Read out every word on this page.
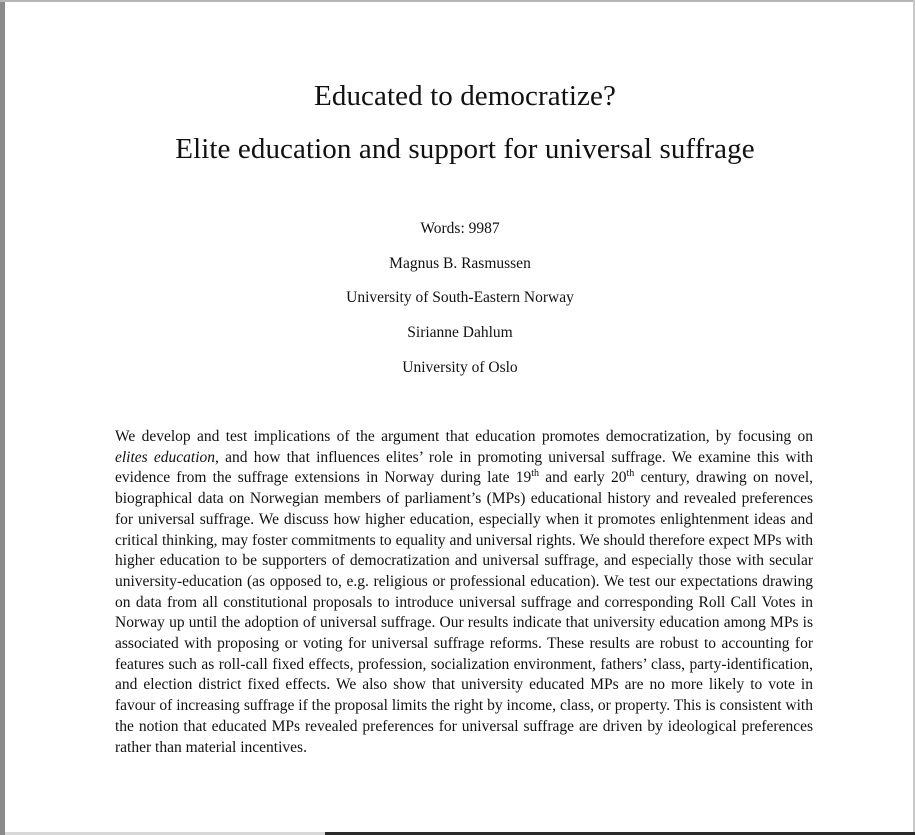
Educated to democratize?
Elite education and support for universal suffrage

Words: 9987

Magnus B. Rasmussen

University of South-Eastern Norway

Sirianne Dahlum

University of Oslo

We develop and test implications of the argument that education promotes democratization, by focusing on elites education, and how that influences elites’ role in promoting universal suffrage. We examine this with evidence from the suffrage extensions in Norway during late 19th and early 20th century, drawing on novel, biographical data on Norwegian members of parliament’s (MPs) educational history and revealed preferences for universal suffrage. We discuss how higher education, especially when it promotes enlightenment ideas and critical thinking, may foster commitments to equality and universal rights. We should therefore expect MPs with higher education to be supporters of democratization and universal suffrage, and especially those with secular university-education (as opposed to, e.g. religious or professional education). We test our expectations drawing on data from all constitutional proposals to introduce universal suffrage and corresponding Roll Call Votes in Norway up until the adoption of universal suffrage. Our results indicate that university education among MPs is associated with proposing or voting for universal suffrage reforms. These results are robust to accounting for features such as roll-call fixed effects, profession, socialization environment, fathers’ class, party-identification, and election district fixed effects. We also show that university educated MPs are no more likely to vote in favour of increasing suffrage if the proposal limits the right by income, class, or property. This is consistent with the notion that educated MPs revealed preferences for universal suffrage are driven by ideological preferences rather than material incentives.
